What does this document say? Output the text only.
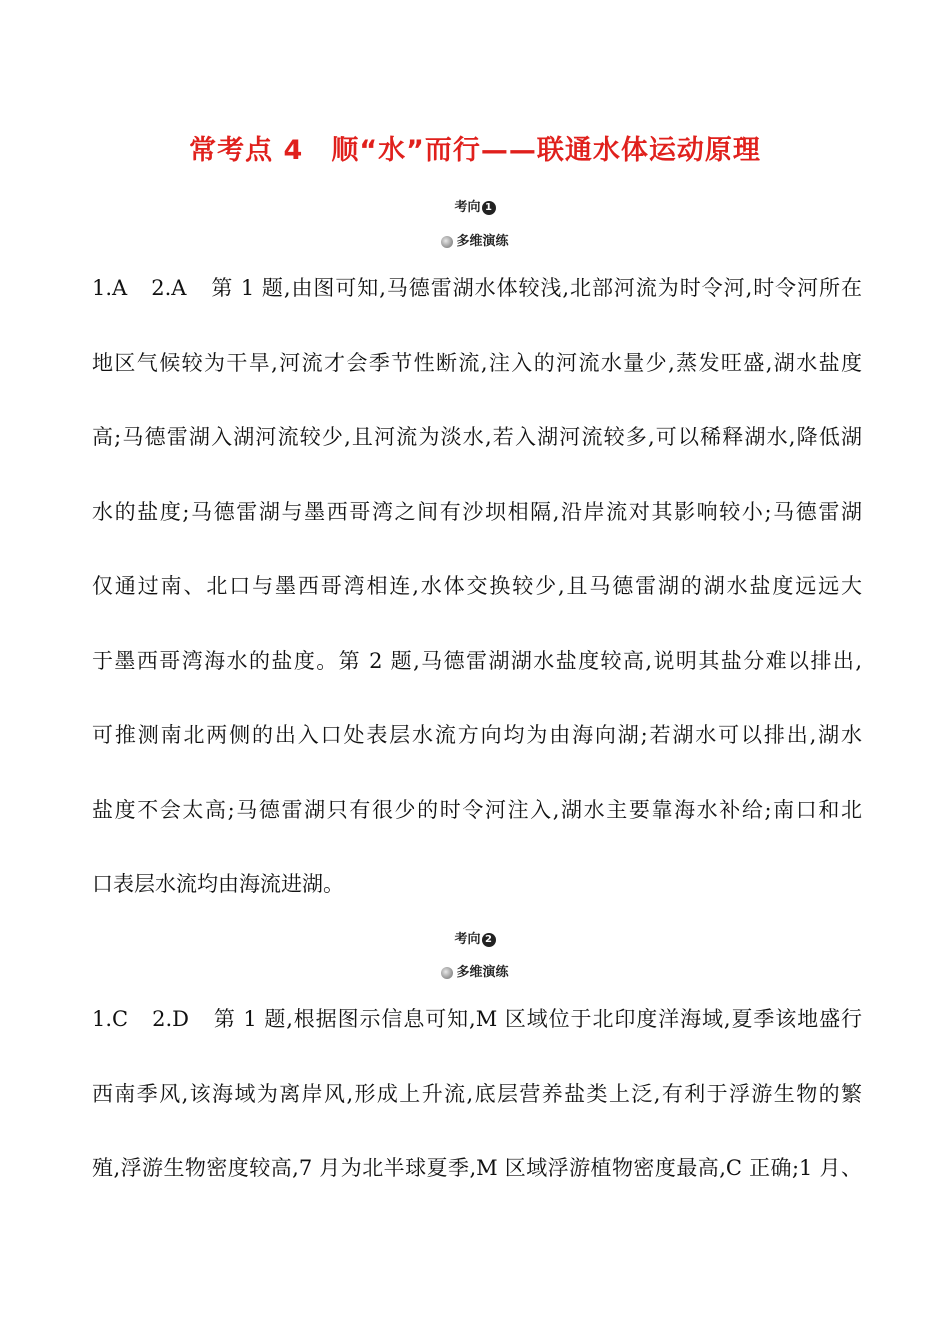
常考点 4　顺“水”而行——联通水体运动原理
考向 1
多维演练
1.A 2.A 第 1 题,由图可知,马德雷湖水体较浅,北部河流为时令河,时令河所在
地区气候较为干旱,河流才会季节性断流,注入的河流水量少,蒸发旺盛,湖水盐度
高;马德雷湖入湖河流较少,且河流为淡水,若入湖河流较多,可以稀释湖水,降低湖
水的盐度;马德雷湖与墨西哥湾之间有沙坝相隔,沿岸流对其影响较小;马德雷湖
仅通过南、北口与墨西哥湾相连,水体交换较少,且马德雷湖的湖水盐度远远大
于墨西哥湾海水的盐度。第 2 题,马德雷湖湖水盐度较高,说明其盐分难以排出,
可推测南北两侧的出入口处表层水流方向均为由海向湖;若湖水可以排出,湖水
盐度不会太高;马德雷湖只有很少的时令河注入,湖水主要靠海水补给;南口和北
口表层水流均由海流进湖。
考向 2
多维演练
1.C 2.D 第 1 题,根据图示信息可知,M 区域位于北印度洋海域,夏季该地盛行
西南季风,该海域为离岸风,形成上升流,底层营养盐类上泛,有利于浮游生物的繁
殖,浮游生物密度较高,7 月为北半球夏季,M 区域浮游植物密度最高,C 正确;1 月、
